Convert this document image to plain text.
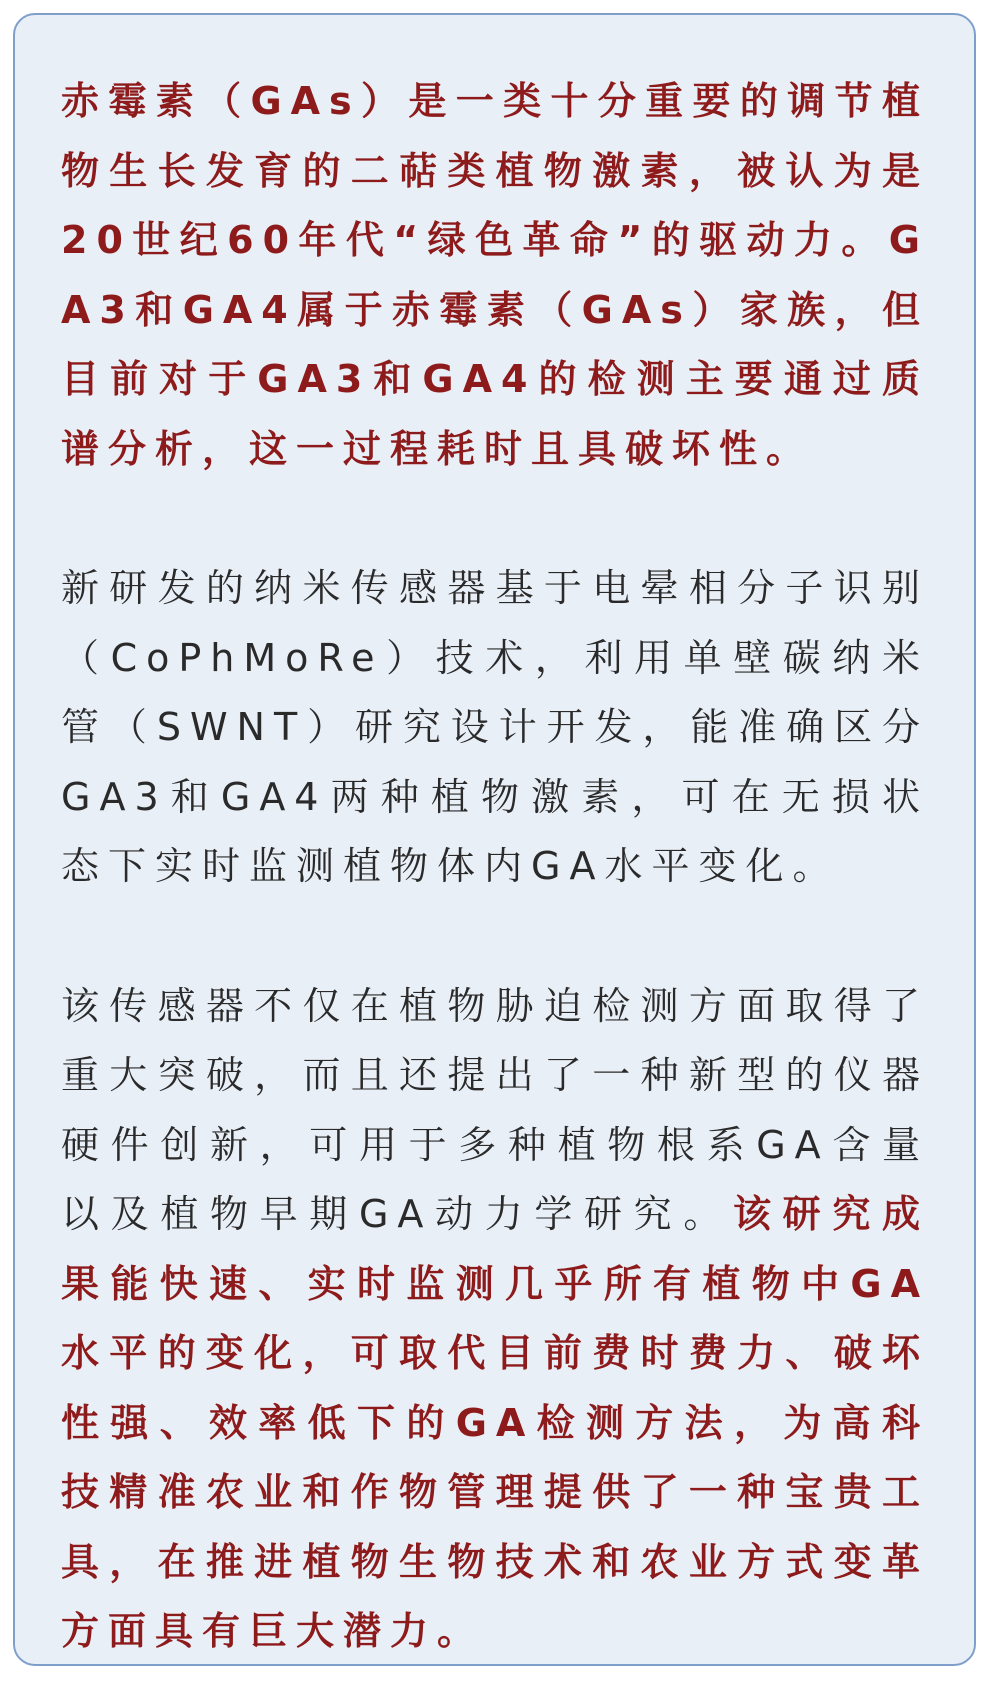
赤霉素（GAs）是一类十分重要的调节植物生长发育的二萜类植物激素，被认为是20世纪60年代“绿色革命”的驱动力。GA3和GA4属于赤霉素（GAs）家族，但目前对于GA3和GA4的检测主要通过质谱分析，这一过程耗时且具破坏性。

新研发的纳米传感器基于电晕相分子识别（CoPhMoRe）技术，利用单壁碳纳米管（SWNT）研究设计开发，能准确区分GA3和GA4两种植物激素，可在无损状态下实时监测植物体内GA水平变化。

该传感器不仅在植物胁迫检测方面取得了重大突破，而且还提出了一种新型的仪器硬件创新，可用于多种植物根系GA含量以及植物早期GA动力学研究。该研究成果能快速、实时监测几乎所有植物中GA水平的变化，可取代目前费时费力、破坏性强、效率低下的GA检测方法，为高科技精准农业和作物管理提供了一种宝贵工具，在推进植物生物技术和农业方式变革方面具有巨大潜力。
